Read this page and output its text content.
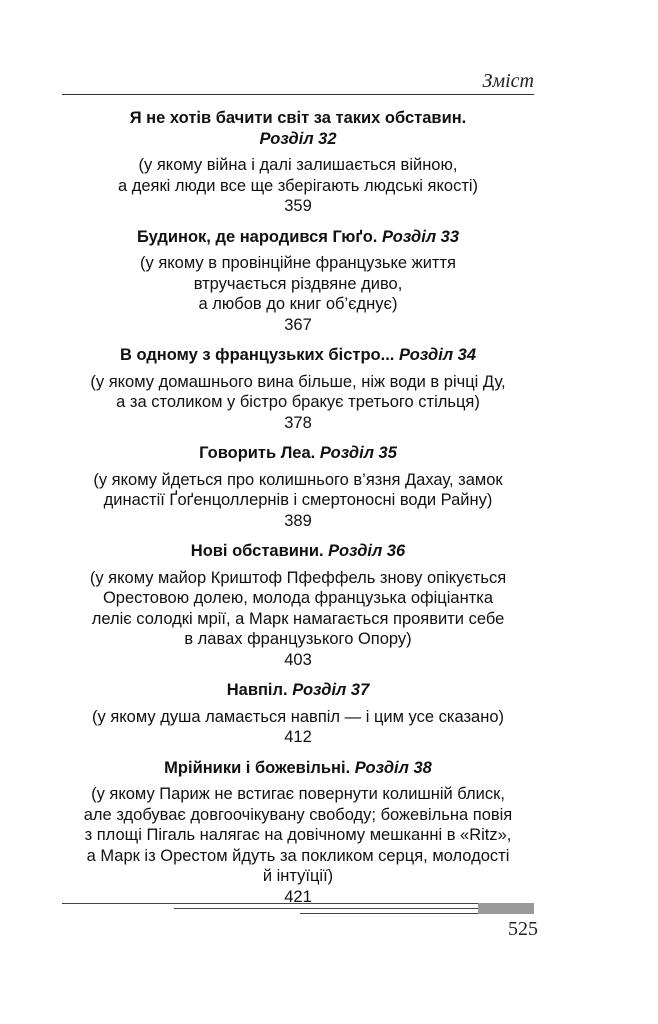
Зміст
Я не хотів бачити світ за таких обставин.
Розділ 32
(у якому війна і далі залишається війною,
а деякі люди все ще зберігають людські якості)
359
Будинок, де народився Гюґо. Розділ 33
(у якому в провінційне французьке життя
втручається різдвяне диво,
а любов до книг об’єднує)
367
В одному з французьких бістро... Розділ 34
(у якому домашнього вина більше, ніж води в річці Ду,
а за столиком у бістро бракує третього стільця)
378
Говорить Леа. Розділ 35
(у якому йдеться про колишнього в’язня Дахау, замок
династії Ґоґенцоллернів і смертоносні води Райну)
389
Нові обставини. Розділ 36
(у якому майор Криштоф Пфеффель знову опікується
Орестовою долею, молода французька офіціантка
леліє солодкі мрії, а Марк намагається проявити себе
в лавах французького Опору)
403
Навпіл. Розділ 37
(у якому душа ламається навпіл — і цим усе сказано)
412
Мрійники і божевільні. Розділ 38
(у якому Париж не встигає повернути колишній блиск,
але здобуває довгоочікувану свободу; божевільна повія
з площі Пігаль налягає на довічному мешканні в «Ritz»,
а Марк із Орестом йдуть за покликом серця, молодості
й інтуїції)
421
525
